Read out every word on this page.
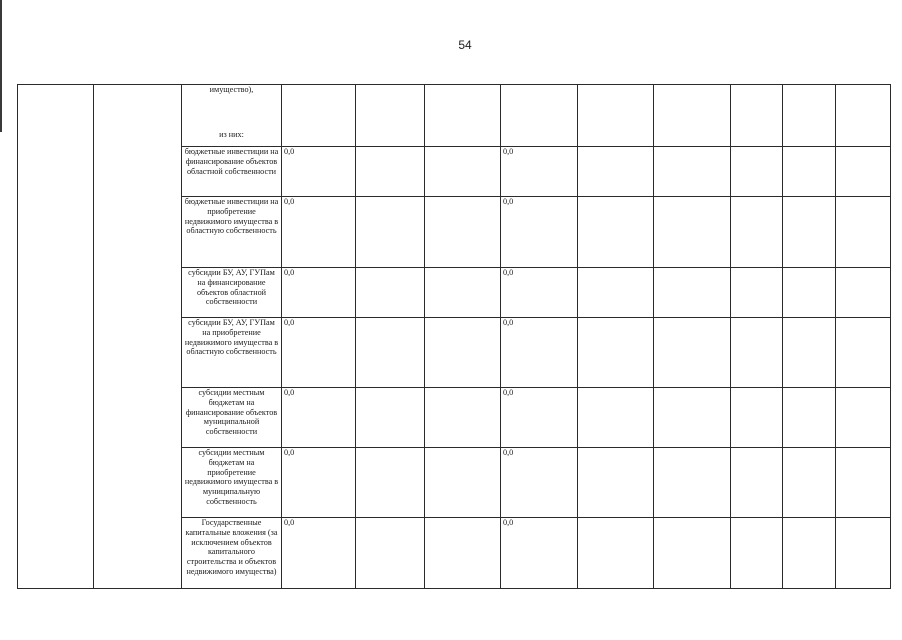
54

		имущество),
из них:										

		бюджетные инвестиции на финансирование объектов областной собственности	0,0			0,0						
		бюджетные инвестиции на приобретение недвижимого имущества в областную собственность	0,0			0,0						
		субсидии БУ, АУ, ГУПам на финансирование объектов областной собственности	0,0			0,0						
		субсидии БУ, АУ, ГУПам на приобретение недвижимого имущества в областную собственность	0,0			0,0						
		субсидии местным бюджетам на финансирование объектов муниципальной собственности	0,0			0,0						
		субсидии местным бюджетам на приобретение недвижимого имущества в муниципальную собственность	0,0			0,0						
		Государственные капитальные вложения (за исключением объектов капитального строительства и объектов недвижимого имущества)	0,0			0,0						
